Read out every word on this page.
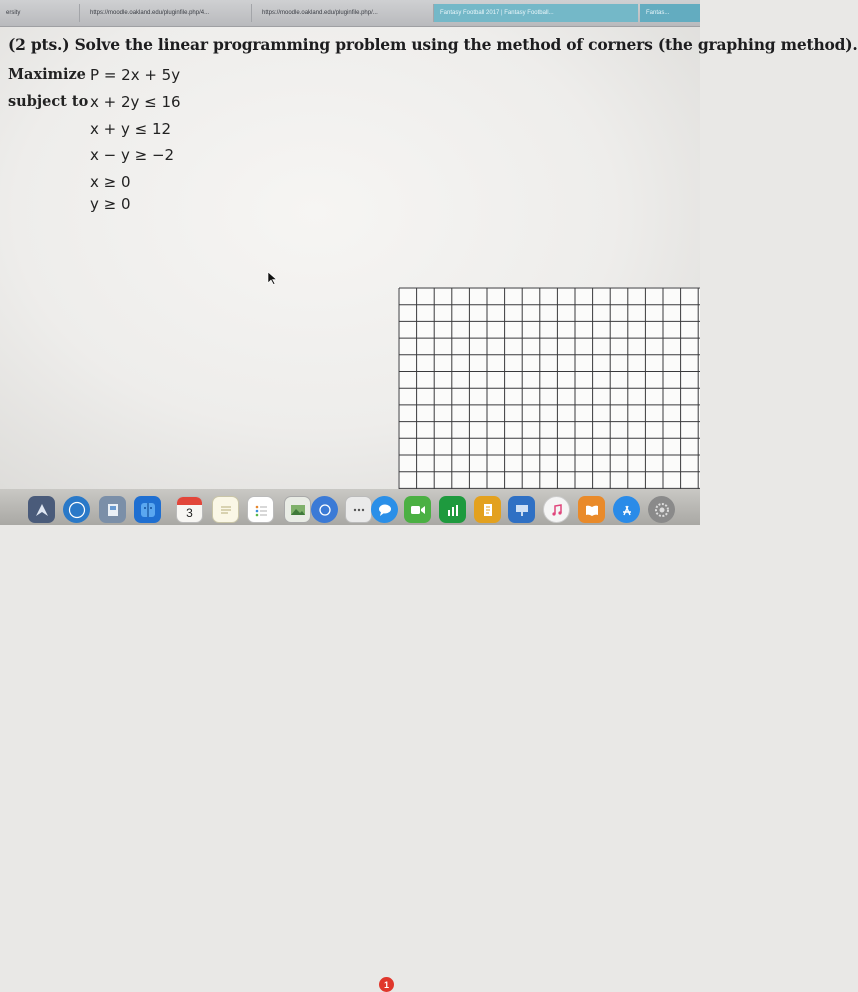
ersity	https://moodle.oakland.edu/pluginfile.php/4...	https://moodle.oakland.edu/pluginfile.php/...	Fantasy Football 2017 | Fantasy Football...	Fantas...
(2 pts.) Solve the linear programming problem using the method of corners (the graphing method).
Maximize P = 2x + 5y
subject to x + 2y ≤ 16
x + y ≤ 12
x − y ≥ −2
x ≥ 0
y ≥ 0
3
1
